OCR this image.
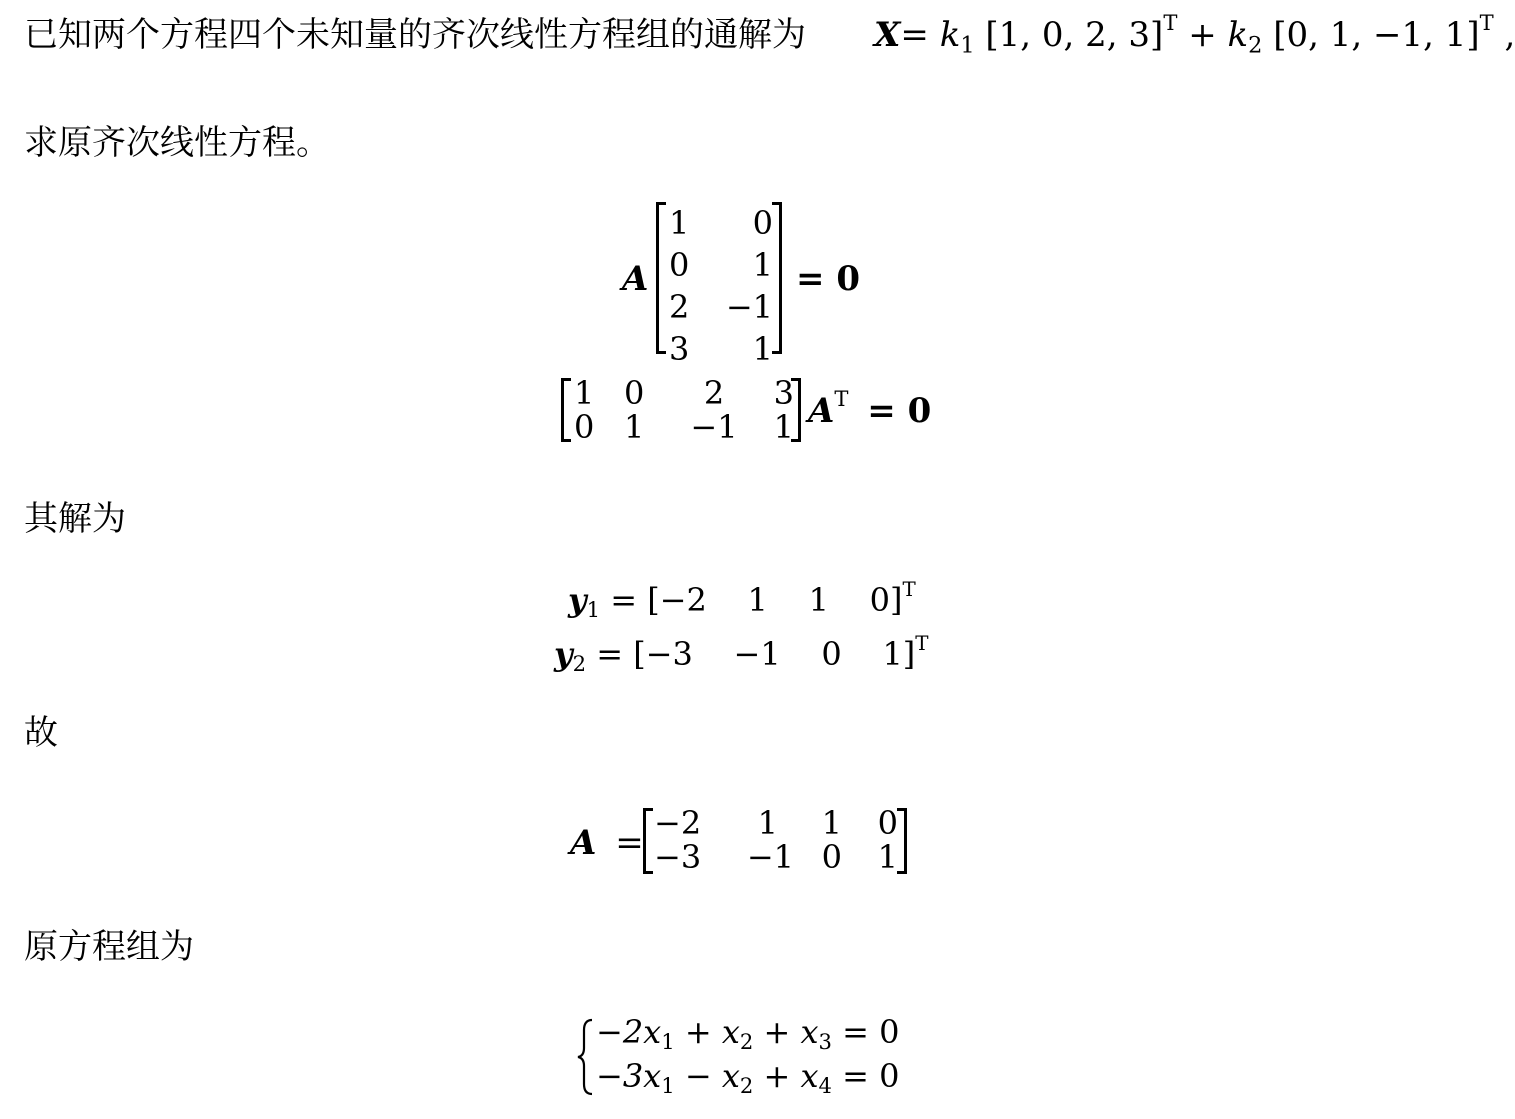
已知两个方程四个未知量的齐次线性方程组的通解为 $X= k_1$ [1, 0, 2, $3]^T + k_2$ [0, 1, −1, 1]$^T$ ,
求原齐次线性方程。
A
1	0
0	1
2	−1
3	1
= 0
1 0	2	3
0 1	−1	1 $A^T = 0$
其解为
$y_1 = [-2$    1    1    0]$^T$
$y_2 = [-3$    −1    0    1]$^T$
故
A = −2	1	1	0
−3	−1 0	1
原方程组为
$-2x_1 + x_2 + x_3 = 0$
$-3x_1 - x_2 + x_4 = 0$
